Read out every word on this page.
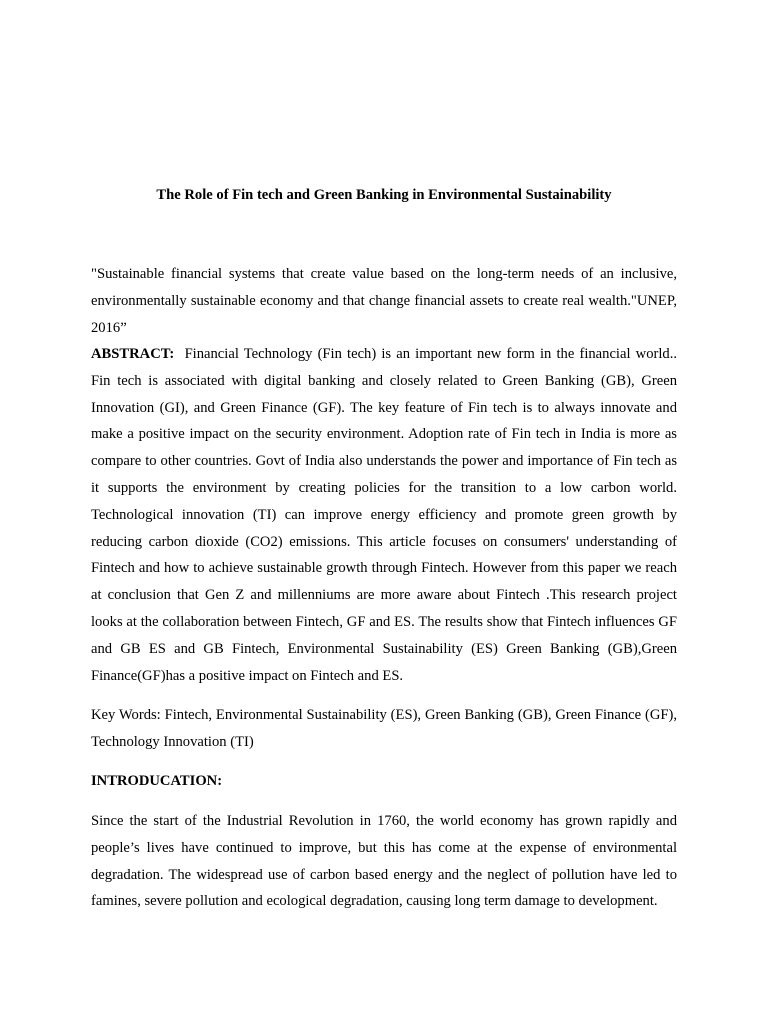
The Role of Fin tech and Green Banking in Environmental Sustainability
"Sustainable financial systems that create value based on the long-term needs of an inclusive, environmentally sustainable economy and that change financial assets to create real wealth."UNEP, 2016”
ABSTRACT: Financial Technology (Fin tech) is an important new form in the financial world.. Fin tech is associated with digital banking and closely related to Green Banking (GB), Green Innovation (GI), and Green Finance (GF). The key feature of Fin tech is to always innovate and make a positive impact on the security environment. Adoption rate of Fin tech in India is more as compare to other countries. Govt of India also understands the power and importance of Fin tech as it supports the environment by creating policies for the transition to a low carbon world. Technological innovation (TI) can improve energy efficiency and promote green growth by reducing carbon dioxide (CO2) emissions. This article focuses on consumers' understanding of Fintech and how to achieve sustainable growth through Fintech. However from this paper we reach at conclusion that Gen Z and millenniums are more aware about Fintech .This research project looks at the collaboration between Fintech, GF and ES. The results show that Fintech influences GF and GB ES and GB Fintech, Environmental Sustainability (ES) Green Banking (GB),Green Finance(GF)has a positive impact on Fintech and ES.
Key Words: Fintech, Environmental Sustainability (ES), Green Banking (GB), Green Finance (GF), Technology Innovation (TI)
INTRODUCATION:
Since the start of the Industrial Revolution in 1760, the world economy has grown rapidly and people’s lives have continued to improve, but this has come at the expense of environmental degradation. The widespread use of carbon based energy and the neglect of pollution have led to famines, severe pollution and ecological degradation, causing long term damage to development.
